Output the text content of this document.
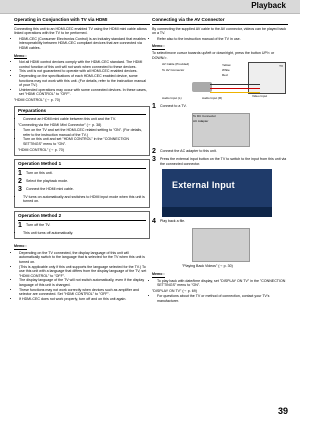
Playback
Operating in Conjunction with TV via HDMI

Connecting this unit to an HDMI-CEC enabled TV using the HDMI mini cable allows linked operations with the TV to be performed.

• HDMI-CEC (Consumer Electronics Control) is an industry standard that enables interoperability between HDMI-CEC compliant devices that are connected via HDMI cables.
Memo :
• Not all HDMI control devices comply with the HDMI-CEC standard. The HDMI control function of this unit will not work when connected to these devices.
• This unit is not guaranteed to operate with all HDMI-CEC enabled devices.
• Depending on the specifications of each HDMI-CEC enabled device, some functions may not work with this unit. (For details, refer to the instruction manual of your TV.)
• Unintended operations may occur with some connected devices. In these cases, set "HDMI CONTROL" to "OFF".

"HDMI CONTROL" (☞ p. 70)

Preparations
• Connect an HDMI mini cable between this unit and the TV.

"Connecting via the HDMI Mini Connector" (☞ p. 38)

• Turn on the TV and set the HDMI-CEC related setting to "ON". (For details, refer to the instruction manual of the TV.)
• Turn on this unit and set "HDMI CONTROL" in the "CONNECTION SETTINGS" menu to "ON".

"HDMI CONTROL" (☞ p. 70)

Operation Method 1
1	Turn on this unit.
2	Select the playback mode.
3	Connect the HDMI mini cable.
• TV turns on automatically and switches to HDMI input mode when this unit is turned on.
Operation Method 2
1	Turn off the TV.
• This unit turns off automatically.
Memo :
• Depending on the TV connected, the display language of this unit will automatically switch to the language that is selected for the TV when this unit is turned on.
• (This is applicable only if this unit supports the language selected for the TV.) To use this unit with a language that differs from the display language of the TV, set "HDMI CONTROL" to "OFF".
• The display language of the TV will not switch automatically, even if the display language of this unit is changed.
• These functions may not work correctly when devices such as amplifier and selector are connected. Set "HDMI CONTROL" to "OFF".
• If HDMI-CEC does not work properly, turn off and on this unit again.
Connecting via the AV Connector

By connecting the supplied AV cable to the AV connector, videos can be played back on a TV.

• Refer also to the instruction manual of the TV in use.
Memo :

To select/move cursor towards up/left or down/right, press the button UP/< or DOWN/>.

TV
AV Cable (Provided)
To AV Connector
Yellow
White
Red
Video Input
Audio Input (L)	Audio Input (R)
1	Connect to a TV.
To DC Connector
AC Adapter
2	Connect the AC adapter to this unit.
3	Press the external input button on the TV to switch to the input from this unit via the connected connector.
External Input
4	Play back a file.

"Playing Back Videos" (☞ p. 30)

Memo :
• To play back with date/time display, set "DISPLAY ON TV" in the "CONNECTION SETTINGS" menu to "ON".

"DISPLAY ON TV" (☞ p. 69)

• For questions about the TV or method of connection, contact your TV's manufacturer.
39
